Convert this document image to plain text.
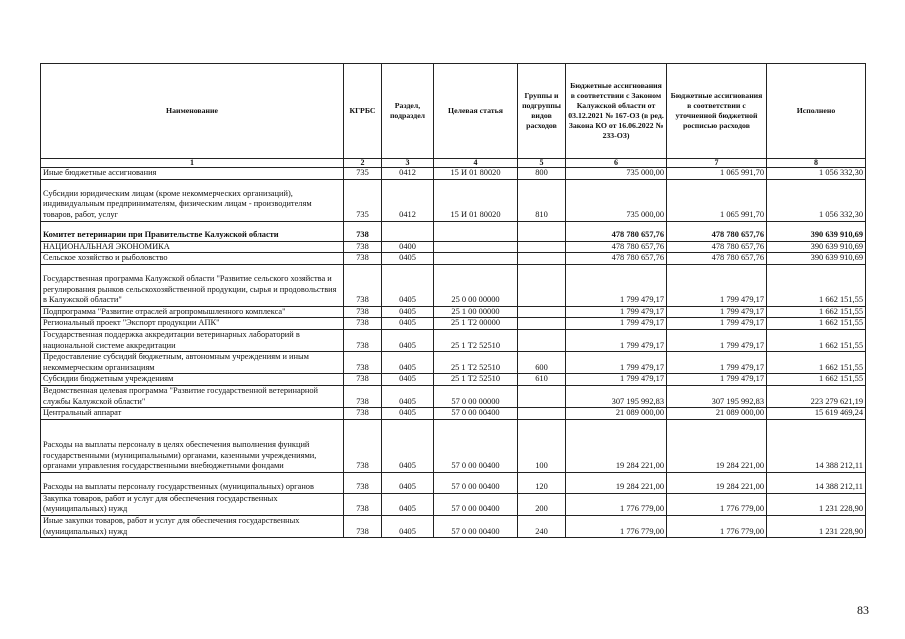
Наименование	КГРБС	Раздел, подраздел	Целевая статья	Группы и подгруппы видов расходов	Бюджетные ассигнования в соответствии с Законом Калужской области от 03.12.2021 № 167-ОЗ (в ред. Закона КО от 16.06.2022 № 233-ОЗ)	Бюджетные ассигнования в соответствии с уточненной бюджетной росписью расходов	Исполнено
1	2	3	4	5	6	7	8
Иные бюджетные ассигнования	735	0412	15 И 01 80020	800	735 000,00	1 065 991,70	1 056 332,30
Субсидии юридическим лицам (кроме некоммерческих организаций), индивидуальным предпринимателям, физическим лицам - производителям товаров, работ, услуг	735	0412	15 И 01 80020	810	735 000,00	1 065 991,70	1 056 332,30
Комитет ветеринарии при Правительстве Калужской области	738				478 780 657,76	478 780 657,76	390 639 910,69
НАЦИОНАЛЬНАЯ ЭКОНОМИКА	738	0400			478 780 657,76	478 780 657,76	390 639 910,69
Сельское хозяйство и рыболовство	738	0405			478 780 657,76	478 780 657,76	390 639 910,69
Государственная программа Калужской области "Развитие сельского хозяйства и регулирования рынков сельскохозяйственной продукции, сырья и продовольствия в Калужской области"	738	0405	25 0 00 00000		1 799 479,17	1 799 479,17	1 662 151,55
Подпрограмма "Развитие отраслей агропромышленного комплекса"	738	0405	25 1 00 00000		1 799 479,17	1 799 479,17	1 662 151,55
Региональный проект "Экспорт продукции АПК"	738	0405	25 1 Т2 00000		1 799 479,17	1 799 479,17	1 662 151,55
Государственная поддержка аккредитации ветеринарных лабораторий в национальной системе аккредитации	738	0405	25 1 Т2 52510		1 799 479,17	1 799 479,17	1 662 151,55
Предоставление субсидий бюджетным, автономным учреждениям и иным некоммерческим организациям	738	0405	25 1 Т2 52510	600	1 799 479,17	1 799 479,17	1 662 151,55
Субсидии бюджетным учреждениям	738	0405	25 1 Т2 52510	610	1 799 479,17	1 799 479,17	1 662 151,55
Ведомственная целевая программа "Развитие государственной ветеринарной службы Калужской области"	738	0405	57 0 00 00000		307 195 992,83	307 195 992,83	223 279 621,19
Центральный аппарат	738	0405	57 0 00 00400		21 089 000,00	21 089 000,00	15 619 469,24
Расходы на выплаты персоналу в целях обеспечения выполнения функций государственными (муниципальными) органами, казенными учреждениями, органами управления государственными внебюджетными фондами	738	0405	57 0 00 00400	100	19 284 221,00	19 284 221,00	14 388 212,11
Расходы на выплаты персоналу государственных (муниципальных) органов	738	0405	57 0 00 00400	120	19 284 221,00	19 284 221,00	14 388 212,11
Закупка товаров, работ и услуг для обеспечения государственных (муниципальных) нужд	738	0405	57 0 00 00400	200	1 776 779,00	1 776 779,00	1 231 228,90
Иные закупки товаров, работ и услуг для обеспечения государственных (муниципальных) нужд	738	0405	57 0 00 00400	240	1 776 779,00	1 776 779,00	1 231 228,90
83
